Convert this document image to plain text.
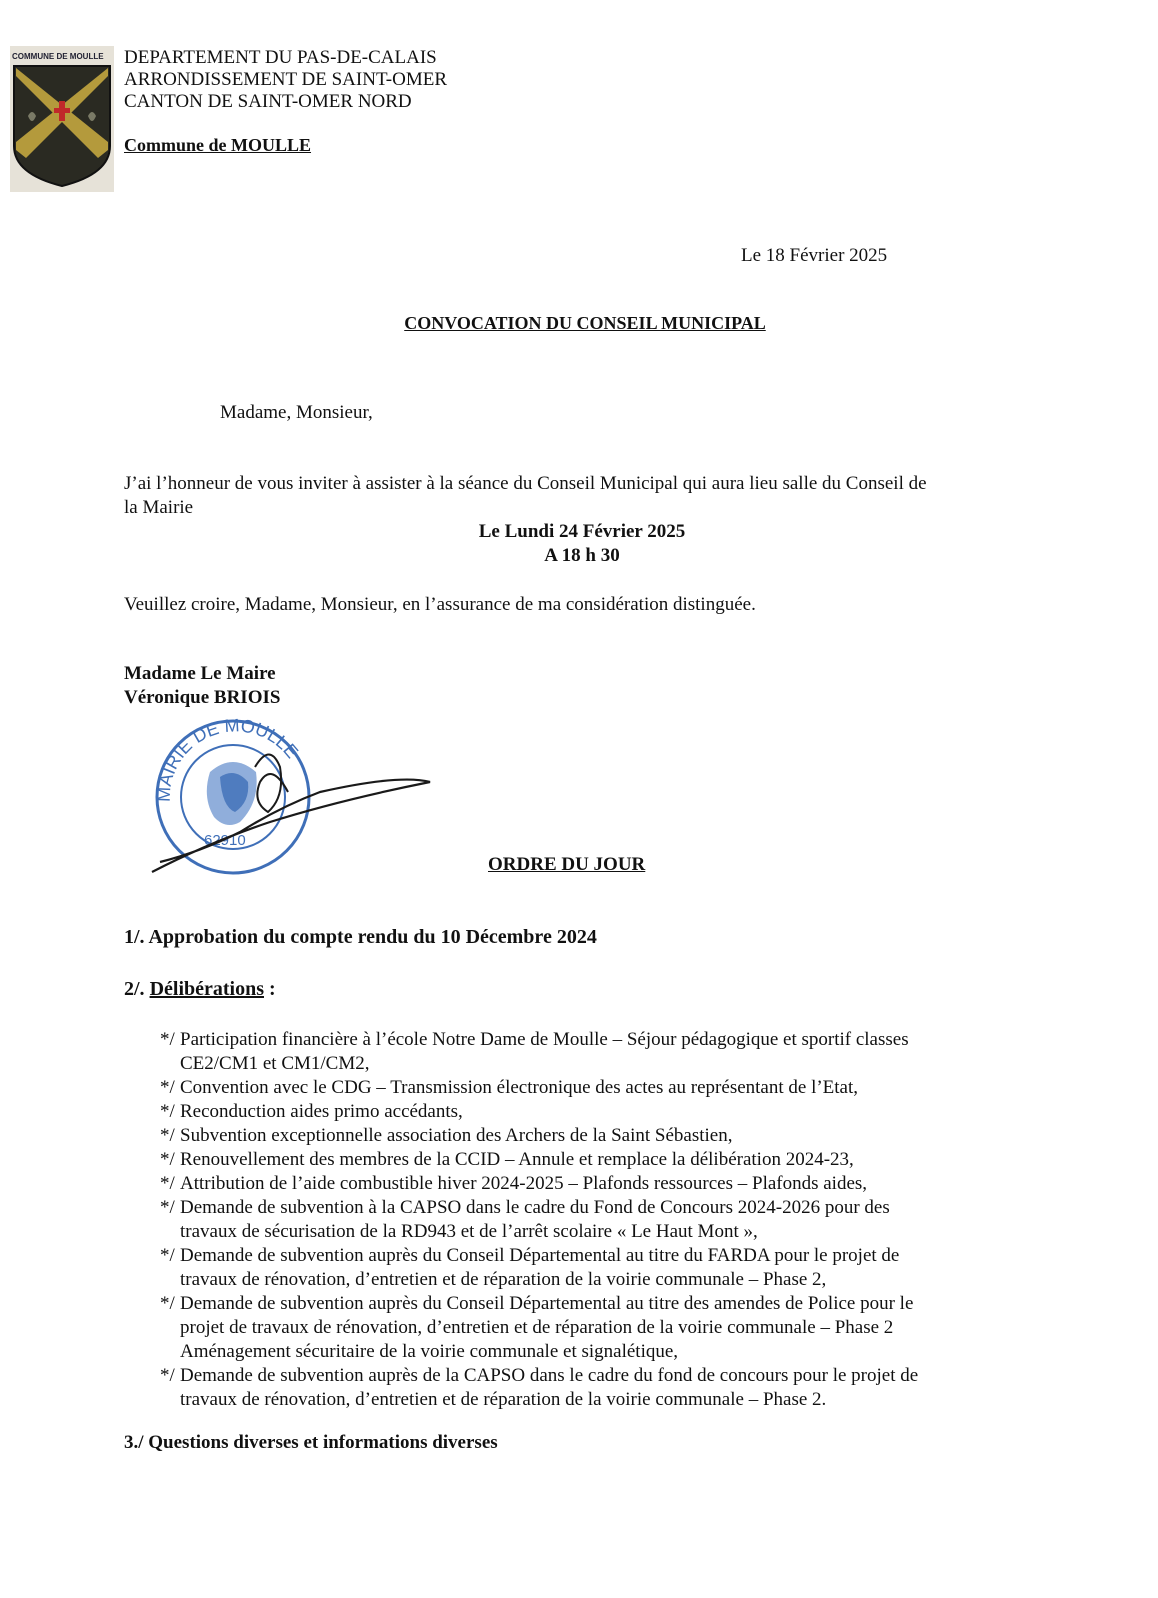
COMMUNE DE MOULLE	DEPARTEMENT DU PAS-DE-CALAIS
ARRONDISSEMENT DE SAINT-OMER
CANTON DE SAINT-OMER NORD
Commune de MOULLE
Le 18 Février 2025
CONVOCATION DU CONSEIL MUNICIPAL
Madame, Monsieur,
J’ai l’honneur de vous inviter à assister à la séance du Conseil Municipal qui aura lieu salle du Conseil de
la Mairie
Le Lundi 24 Février 2025
A 18 h 30
Veuillez croire, Madame, Monsieur, en l’assurance de ma considération distinguée.
Madame Le Maire
Véronique BRIOIS
MAIRIE DE MOULLE
62910
ORDRE DU JOUR
1/. Approbation du compte rendu du 10 Décembre 2024
2/. Délibérations :
*/ Participation financière à l’école Notre Dame de Moulle – Séjour pédagogique et sportif classes
CE2/CM1 et CM1/CM2,
*/ Convention avec le CDG – Transmission électronique des actes au représentant de l’Etat,
*/ Reconduction aides primo accédants,
*/ Subvention exceptionnelle association des Archers de la Saint Sébastien,
*/ Renouvellement des membres de la CCID – Annule et remplace la délibération 2024-23,
*/ Attribution de l’aide combustible hiver 2024-2025 – Plafonds ressources – Plafonds aides,
*/ Demande de subvention à la CAPSO dans le cadre du Fond de Concours 2024-2026 pour des
travaux de sécurisation de la RD943 et de l’arrêt scolaire « Le Haut Mont »,
*/ Demande de subvention auprès du Conseil Départemental au titre du FARDA pour le projet de
travaux de rénovation, d’entretien et de réparation de la voirie communale – Phase 2,
*/ Demande de subvention auprès du Conseil Départemental au titre des amendes de Police pour le
projet de travaux de rénovation, d’entretien et de réparation de la voirie communale – Phase 2
Aménagement sécuritaire de la voirie communale et signalétique,
*/ Demande de subvention auprès de la CAPSO dans le cadre du fond de concours pour le projet de
travaux de rénovation, d’entretien et de réparation de la voirie communale – Phase 2.
3./ Questions diverses et informations diverses
